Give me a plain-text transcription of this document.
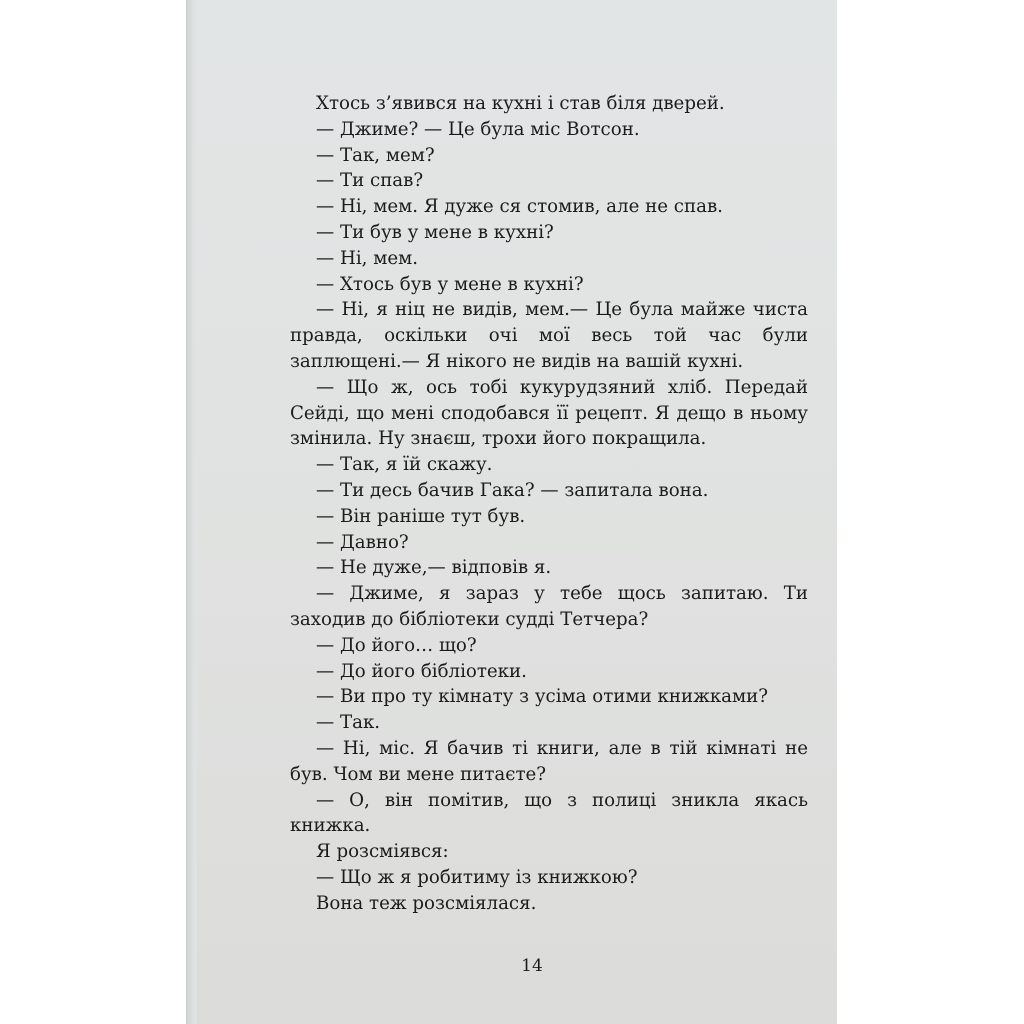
Хтось з’явився на кухні і став біля дверей.

— Джиме? — Це була міс Вотсон.

— Так, мем?

— Ти спав?

— Ні, мем. Я дуже ся стомив, але не спав.

— Ти був у мене в кухні?

— Ні, мем.

— Хтось був у мене в кухні?

— Ні, я ніц не видів, мем.— Це була майже чиста правда, оскільки очі мої весь той час були заплющені.— Я нікого не видів на вашій кухні.

— Що ж, ось тобі кукурудзяний хліб. Передай Сейді, що мені сподобався її рецепт. Я дещо в ньому змінила. Ну знаєш, трохи його покращила.

— Так, я їй скажу.

— Ти десь бачив Гака? — запитала вона.

— Він раніше тут був.

— Давно?

— Не дуже,— відповів я.

— Джиме, я зараз у тебе щось запитаю. Ти заходив до бібліотеки судді Тетчера?

— До його… що?

— До його бібліотеки.

— Ви про ту кімнату з усіма отими книжками?

— Так.

— Ні, міс. Я бачив ті книги, але в тій кімнаті не був. Чом ви мене питаєте?

— О, він помітив, що з полиці зникла якась книжка.

Я розсміявся:

— Що ж я робитиму із книжкою?

Вона теж розсміялася.

14
